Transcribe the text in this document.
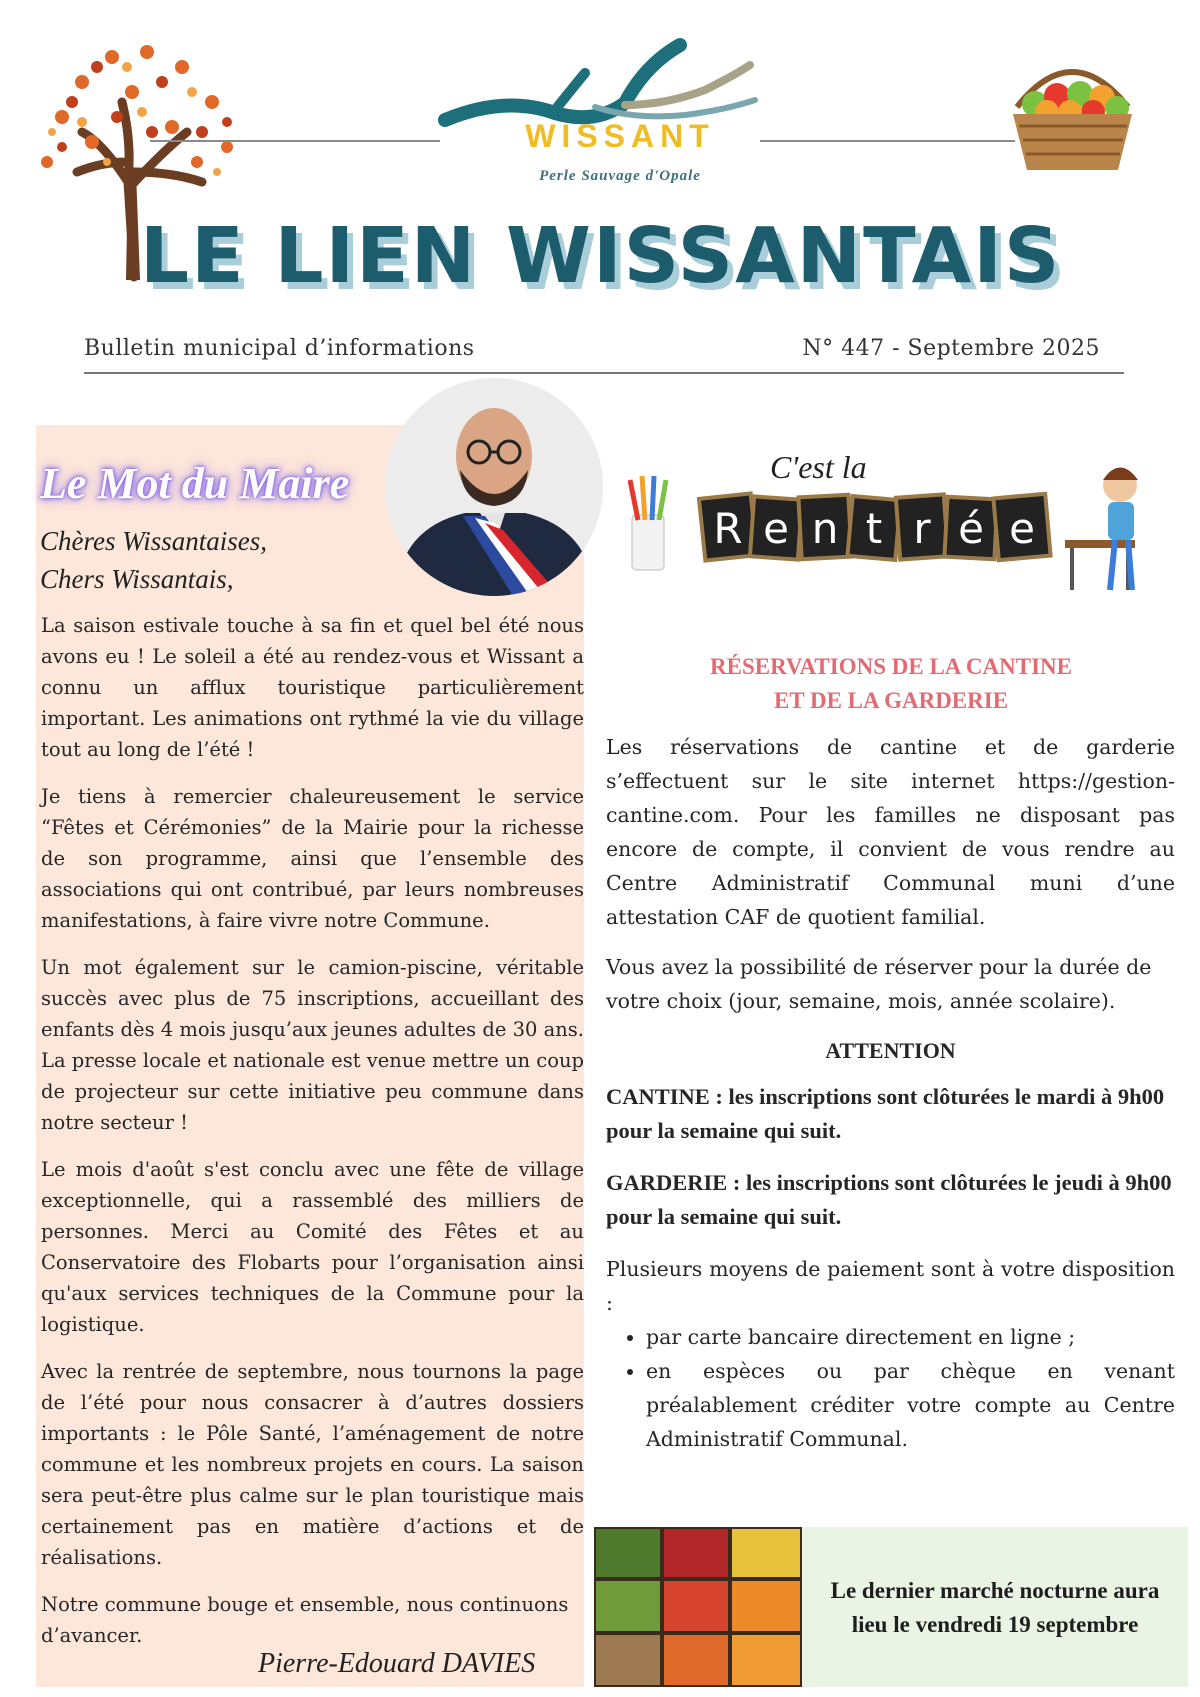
WISSANT
Perle Sauvage d'Opale
LE LIEN WISSANTAIS
Bulletin municipal d’informations	N° 447 - Septembre 2025
Le Mot du Maire
Chères Wissantaises,
Chers Wissantais,

La saison estivale touche à sa fin et quel bel été nous avons eu ! Le soleil a été au rendez-vous et Wissant a connu un afflux touristique particulièrement important. Les animations ont rythmé la vie du village tout au long de l’été !

Je tiens à remercier chaleureusement le service “Fêtes et Cérémonies” de la Mairie pour la richesse de son programme, ainsi que l’ensemble des associations qui ont contribué, par leurs nombreuses manifestations, à faire vivre notre Commune.

Un mot également sur le camion-piscine, véritable succès avec plus de 75 inscriptions, accueillant des enfants dès 4 mois jusqu’aux jeunes adultes de 30 ans. La presse locale et nationale est venue mettre un coup de projecteur sur cette initiative peu commune dans notre secteur !

Le mois d'août s'est conclu avec une fête de village exceptionnelle, qui a rassemblé des milliers de personnes. Merci au Comité des Fêtes et au Conservatoire des Flobarts pour l’organisation ainsi qu'aux services techniques de la Commune pour la logistique.

Avec la rentrée de septembre, nous tournons la page de l’été pour nous consacrer à d’autres dossiers importants : le Pôle Santé, l’aménagement de notre commune et les nombreux projets en cours. La saison sera peut-être plus calme sur le plan touristique mais certainement pas en matière d’actions et de réalisations.

Notre commune bouge et ensemble, nous continuons d’avancer.

Pierre-Edouard DAVIES
C'est la
R e n t r é e
RÉSERVATIONS DE LA CANTINE
ET DE LA GARDERIE

Les réservations de cantine et de garderie s’effectuent sur le site internet https://gestion-cantine.com. Pour les familles ne disposant pas encore de compte, il convient de vous rendre au Centre Administratif Communal muni d’une attestation CAF de quotient familial.

Vous avez la possibilité de réserver pour la durée de votre choix (jour, semaine, mois, année scolaire).

ATTENTION

CANTINE : les inscriptions sont clôturées le mardi à 9h00 pour la semaine qui suit.

GARDERIE : les inscriptions sont clôturées le jeudi à 9h00 pour la semaine qui suit.

Plusieurs moyens de paiement sont à votre disposition :

• par carte bancaire directement en ligne ;
• en espèces ou par chèque en venant préalablement créditer votre compte au Centre Administratif Communal.
Le dernier marché nocturne aura
lieu le vendredi 19 septembre
